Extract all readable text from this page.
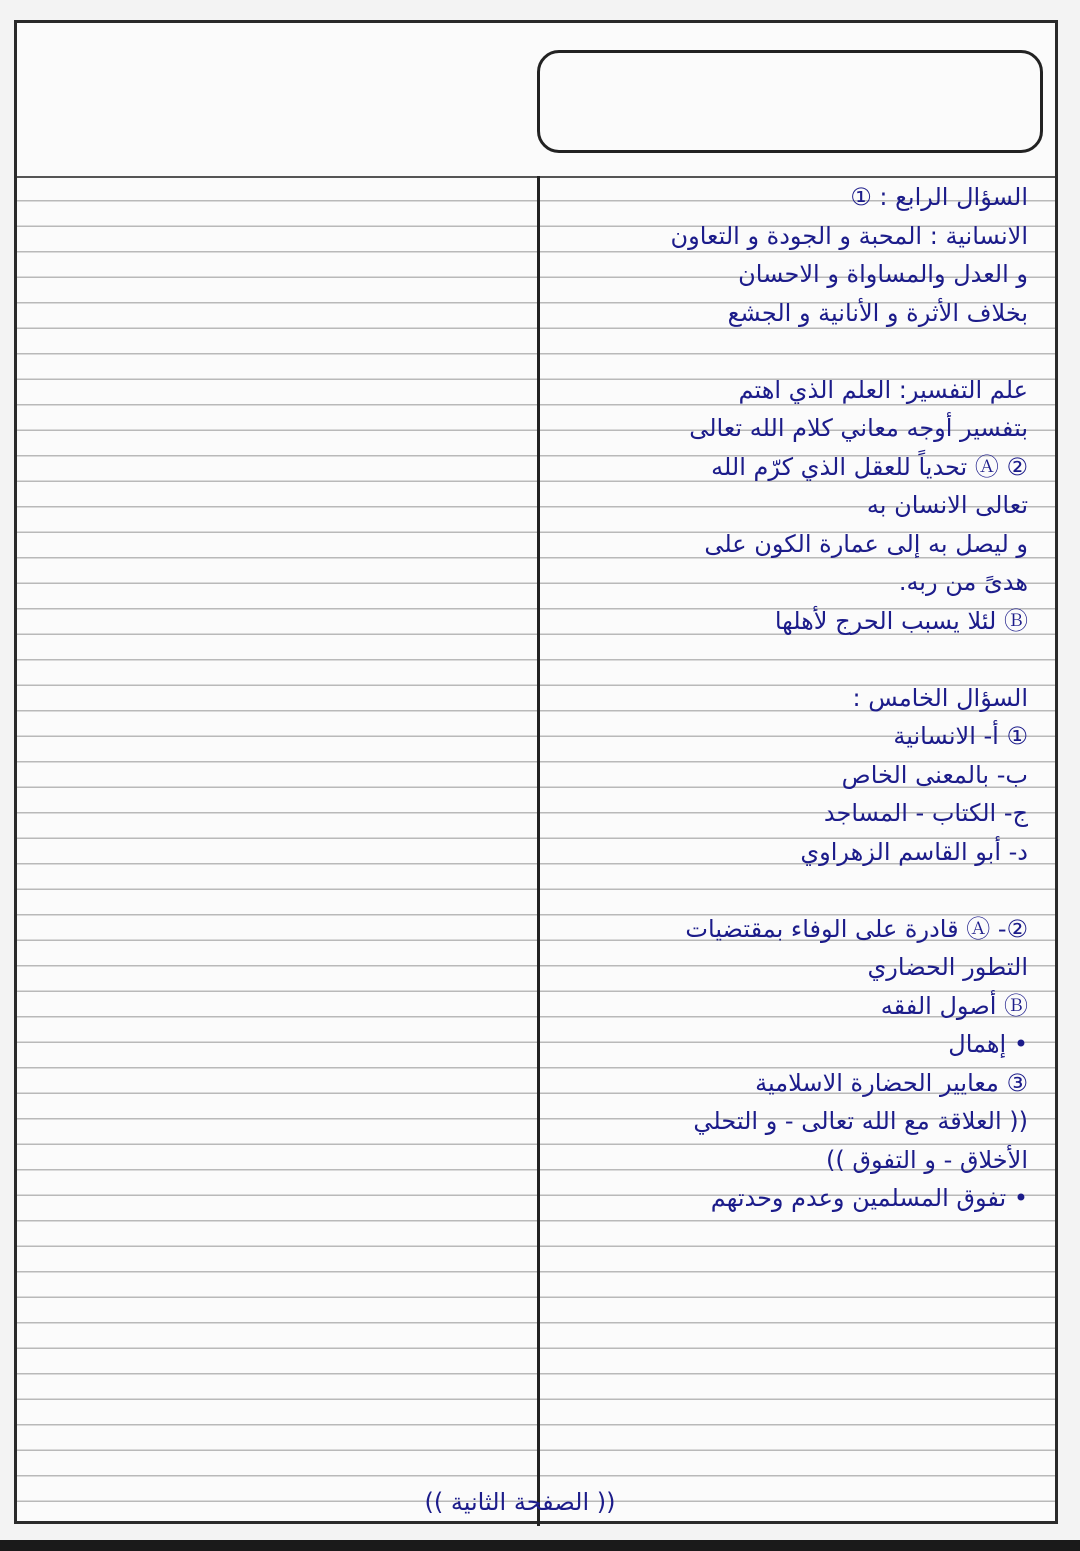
السؤال الرابع : ①
الانسانية : المحبة و الجودة و التعاون
و العدل والمساواة و الاحسان
بخلاف الأثرة و الأنانية و الجشع
علم التفسير: العلم الذي اهتم
بتفسير أوجه معاني كلام الله تعالى
② Ⓐ تحدياً للعقل الذي كرّم الله
تعالى الانسان به
و ليصل به إلى عمارة الكون على
هدىً من ربه.
Ⓑ لئلا يسبب الحرج لأهلها
السؤال الخامس :
① أ- الانسانية
ب- بالمعنى الخاص
ج- الكتاب - المساجد
د- أبو القاسم الزهراوي
②- Ⓐ قادرة على الوفاء بمقتضيات
التطور الحضاري
Ⓑ أصول الفقه
• إهمال
③ معايير الحضارة الاسلامية
(( العلاقة مع الله تعالى - و التحلي
الأخلاق - و التفوق ))
• تفوق المسلمين وعدم وحدتهم
(( الصفحة الثانية ))
